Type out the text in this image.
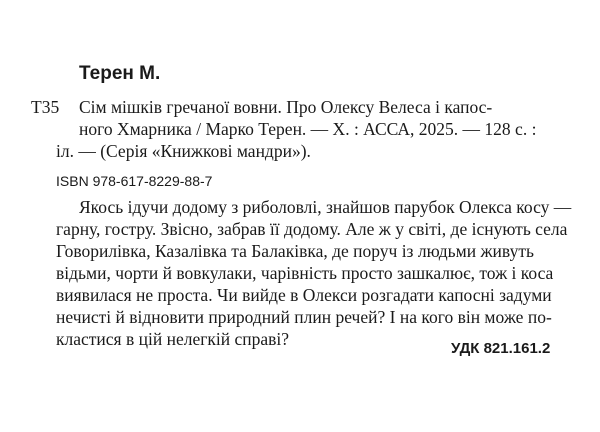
Терен М.
Т35 Сім мішків гречаної вовни. Про Олексу Велеса і капос-
ного Хмарника / Марко Терен. — Х. : АССА, 2025. — 128 с. :
іл. — (Серія «Книжкові мандри»).
ISBN 978-617-8229-88-7
Якось ідучи додому з риболовлі, знайшов парубок Олекса косу —
гарну, гостру. Звісно, забрав її додому. Але ж у світі, де існують села
Говорилівка, Казалівка та Балаківка, де поруч із людьми живуть
відьми, чорти й вовкулаки, чарівність просто зашкалює, тож і коса
виявилася не проста. Чи вийде в Олекси розгадати капосні задуми
нечисті й відновити природний плин речей? І на кого він може по-
кластися в цій нелегкій справі?	УДК 821.161.2
